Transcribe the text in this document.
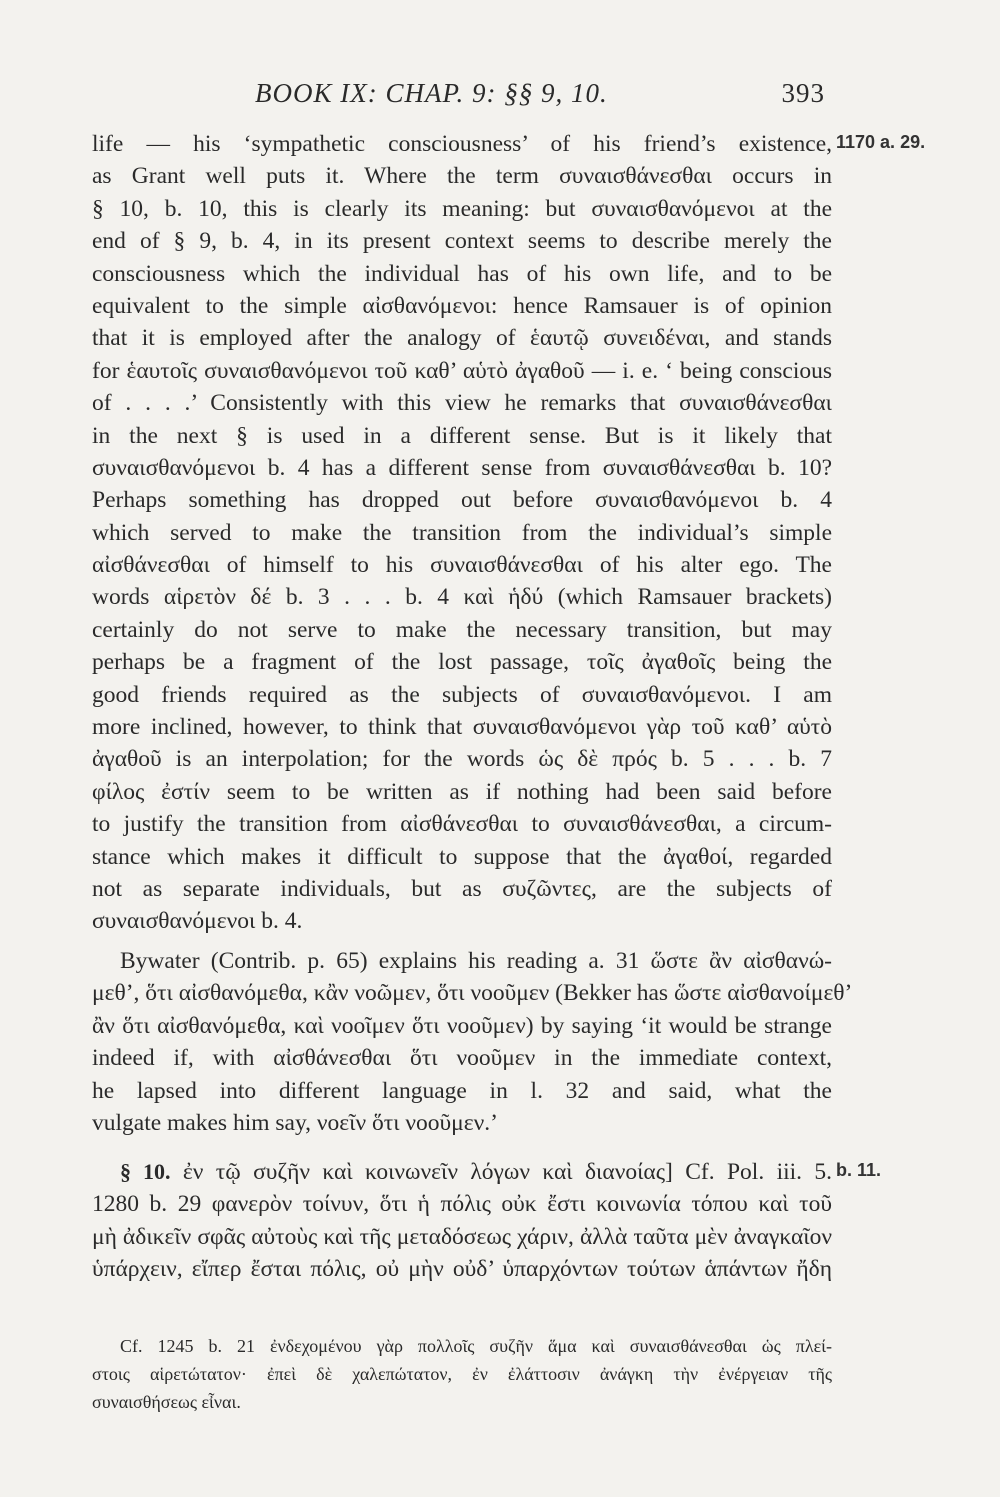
BOOK IX: CHAP. 9: §§ 9, 10.	393
1170 a. 29.
life — his ‘sympathetic consciousness’ of his friend’s existence,
as Grant well puts it. Where the term συναισθάνεσθαι occurs in
§ 10, b. 10, this is clearly its meaning: but συναισθανόμενοι at the
end of § 9, b. 4, in its present context seems to describe merely the
consciousness which the individual has of his own life, and to be
equivalent to the simple αἰσθανόμενοι: hence Ramsauer is of opinion
that it is employed after the analogy of ἑαυτῷ συνειδέναι, and stands
for ἑαυτοῖς συναισθανόμενοι τοῦ καθ’ αὑτὸ ἀγαθοῦ — i. e. ‘ being conscious
of . . . .’ Consistently with this view he remarks that συναισθάνεσθαι
in the next § is used in a different sense. But is it likely that
συναισθανόμενοι b. 4 has a different sense from συναισθάνεσθαι b. 10?
Perhaps something has dropped out before συναισθανόμενοι b. 4
which served to make the transition from the individual’s simple
αἰσθάνεσθαι of himself to his συναισθάνεσθαι of his alter ego. The
words αἱρετὸν δέ b. 3 . . . b. 4 καὶ ἡδύ (which Ramsauer brackets)
certainly do not serve to make the necessary transition, but may
perhaps be a fragment of the lost passage, τοῖς ἀγαθοῖς being the
good friends required as the subjects of συναισθανόμενοι. I am
more inclined, however, to think that συναισθανόμενοι γὰρ τοῦ καθ’ αὑτὸ
ἀγαθοῦ is an interpolation; for the words ὡς δὲ πρός b. 5 . . . b. 7
φίλος ἐστίν seem to be written as if nothing had been said before
to justify the transition from αἰσθάνεσθαι to συναισθάνεσθαι, a circum-
stance which makes it difficult to suppose that the ἀγαθοί, regarded
not as separate individuals, but as συζῶντες, are the subjects of
συναισθανόμενοι b. 4.
Bywater (Contrib. p. 65) explains his reading a. 31 ὥστε ἂν αἰσθανώ-
μεθ’, ὅτι αἰσθανόμεθα, κἂν νοῶμεν, ὅτι νοοῦμεν (Bekker has ὥστε αἰσθανοίμεθ’
ἂν ὅτι αἰσθανόμεθα, καὶ νοοῖμεν ὅτι νοοῦμεν) by saying ‘it would be strange
indeed if, with αἰσθάνεσθαι ὅτι νοοῦμεν in the immediate context,
he lapsed into different language in l. 32 and said, what the
vulgate makes him say, νοεῖν ὅτι νοοῦμεν.’
b. 11.
§ 10. ἐν τῷ συζῆν καὶ κοινωνεῖν λόγων καὶ διανοίας] Cf. Pol. iii. 5.
1280 b. 29 φανερὸν τοίνυν, ὅτι ἡ πόλις οὐκ ἔστι κοινωνία τόπου καὶ τοῦ
μὴ ἀδικεῖν σφᾶς αὐτοὺς καὶ τῆς μεταδόσεως χάριν, ἀλλὰ ταῦτα μὲν ἀναγκαῖον
ὑπάρχειν, εἴπερ ἔσται πόλις, οὐ μὴν οὐδ’ ὑπαρχόντων τούτων ἁπάντων ἤδη
Cf. 1245 b. 21 ἐνδεχομένου γὰρ πολλοῖς συζῆν ἅμα καὶ συναισθάνεσθαι ὡς πλεί-
στοις αἱρετώτατον· ἐπεὶ δὲ χαλεπώτατον, ἐν ἐλάττοσιν ἀνάγκη τὴν ἐνέργειαν τῆς
συναισθήσεως εἶναι.
